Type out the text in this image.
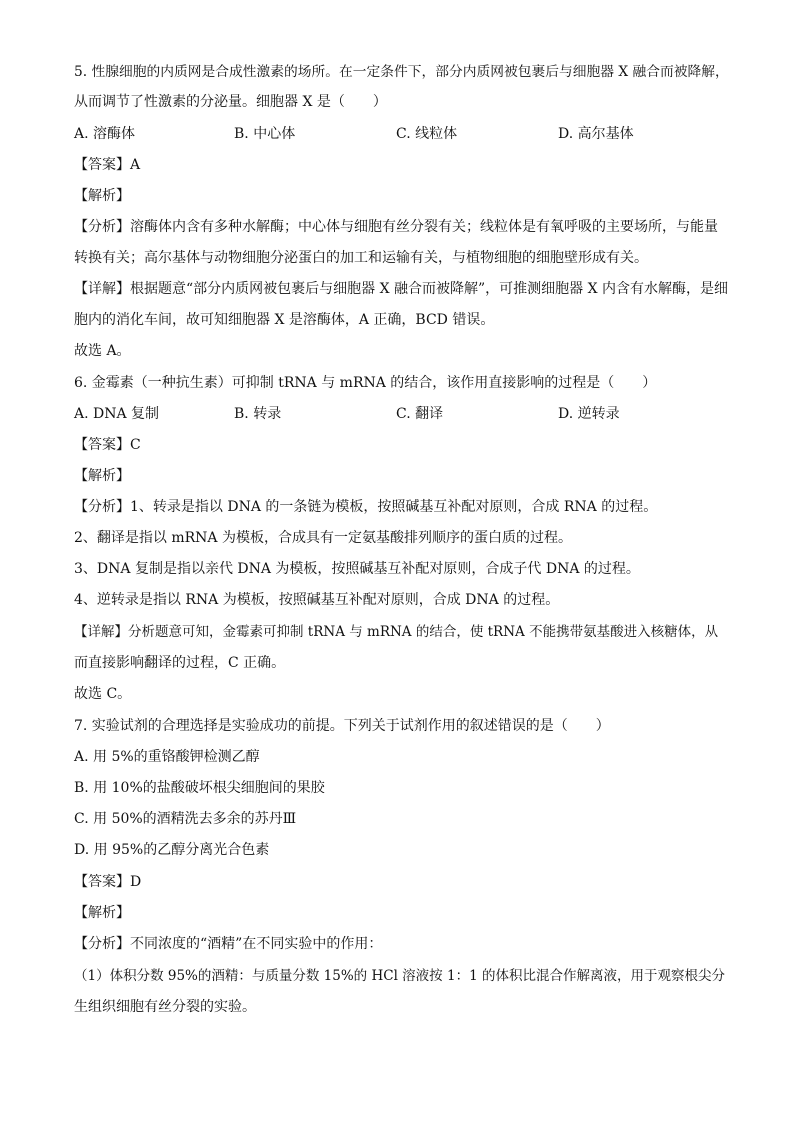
5. 性腺细胞的内质网是合成性激素的场所。在一定条件下，部分内质网被包裹后与细胞器 X 融合而被降解，
从而调节了性激素的分泌量。细胞器 X 是（　　）
A. 溶酶体	B. 中心体	C. 线粒体	D. 高尔基体
【答案】A
【解析】
【分析】溶酶体内含有多种水解酶；中心体与细胞有丝分裂有关；线粒体是有氧呼吸的主要场所，与能量
转换有关；高尔基体与动物细胞分泌蛋白的加工和运输有关，与植物细胞的细胞壁形成有关。
【详解】根据题意“部分内质网被包裹后与细胞器 X 融合而被降解”，可推测细胞器 X 内含有水解酶，是细
胞内的消化车间，故可知细胞器 X 是溶酶体，A 正确，BCD 错误。
故选 A。
6. 金霉素（一种抗生素）可抑制 tRNA 与 mRNA 的结合，该作用直接影响的过程是（　　）
A. DNA 复制	B. 转录	C. 翻译	D. 逆转录
【答案】C
【解析】
【分析】1、转录是指以 DNA 的一条链为模板，按照碱基互补配对原则，合成 RNA 的过程。
2、翻译是指以 mRNA 为模板，合成具有一定氨基酸排列顺序的蛋白质的过程。
3、DNA 复制是指以亲代 DNA 为模板，按照碱基互补配对原则，合成子代 DNA 的过程。
4、逆转录是指以 RNA 为模板，按照碱基互补配对原则，合成 DNA 的过程。
【详解】分析题意可知，金霉素可抑制 tRNA 与 mRNA 的结合，使 tRNA 不能携带氨基酸进入核糖体，从
而直接影响翻译的过程，C 正确。
故选 C。
7. 实验试剂的合理选择是实验成功的前提。下列关于试剂作用的叙述错误的是（　　）
A. 用 5%的重铬酸钾检测乙醇
B. 用 10%的盐酸破坏根尖细胞间的果胶
C. 用 50%的酒精洗去多余的苏丹Ⅲ
D. 用 95%的乙醇分离光合色素
【答案】D
【解析】
【分析】不同浓度的“酒精”在不同实验中的作用：
（1）体积分数 95%的酒精：与质量分数 15%的 HCl 溶液按 1：1 的体积比混合作解离液，用于观察根尖分
生组织细胞有丝分裂的实验。
